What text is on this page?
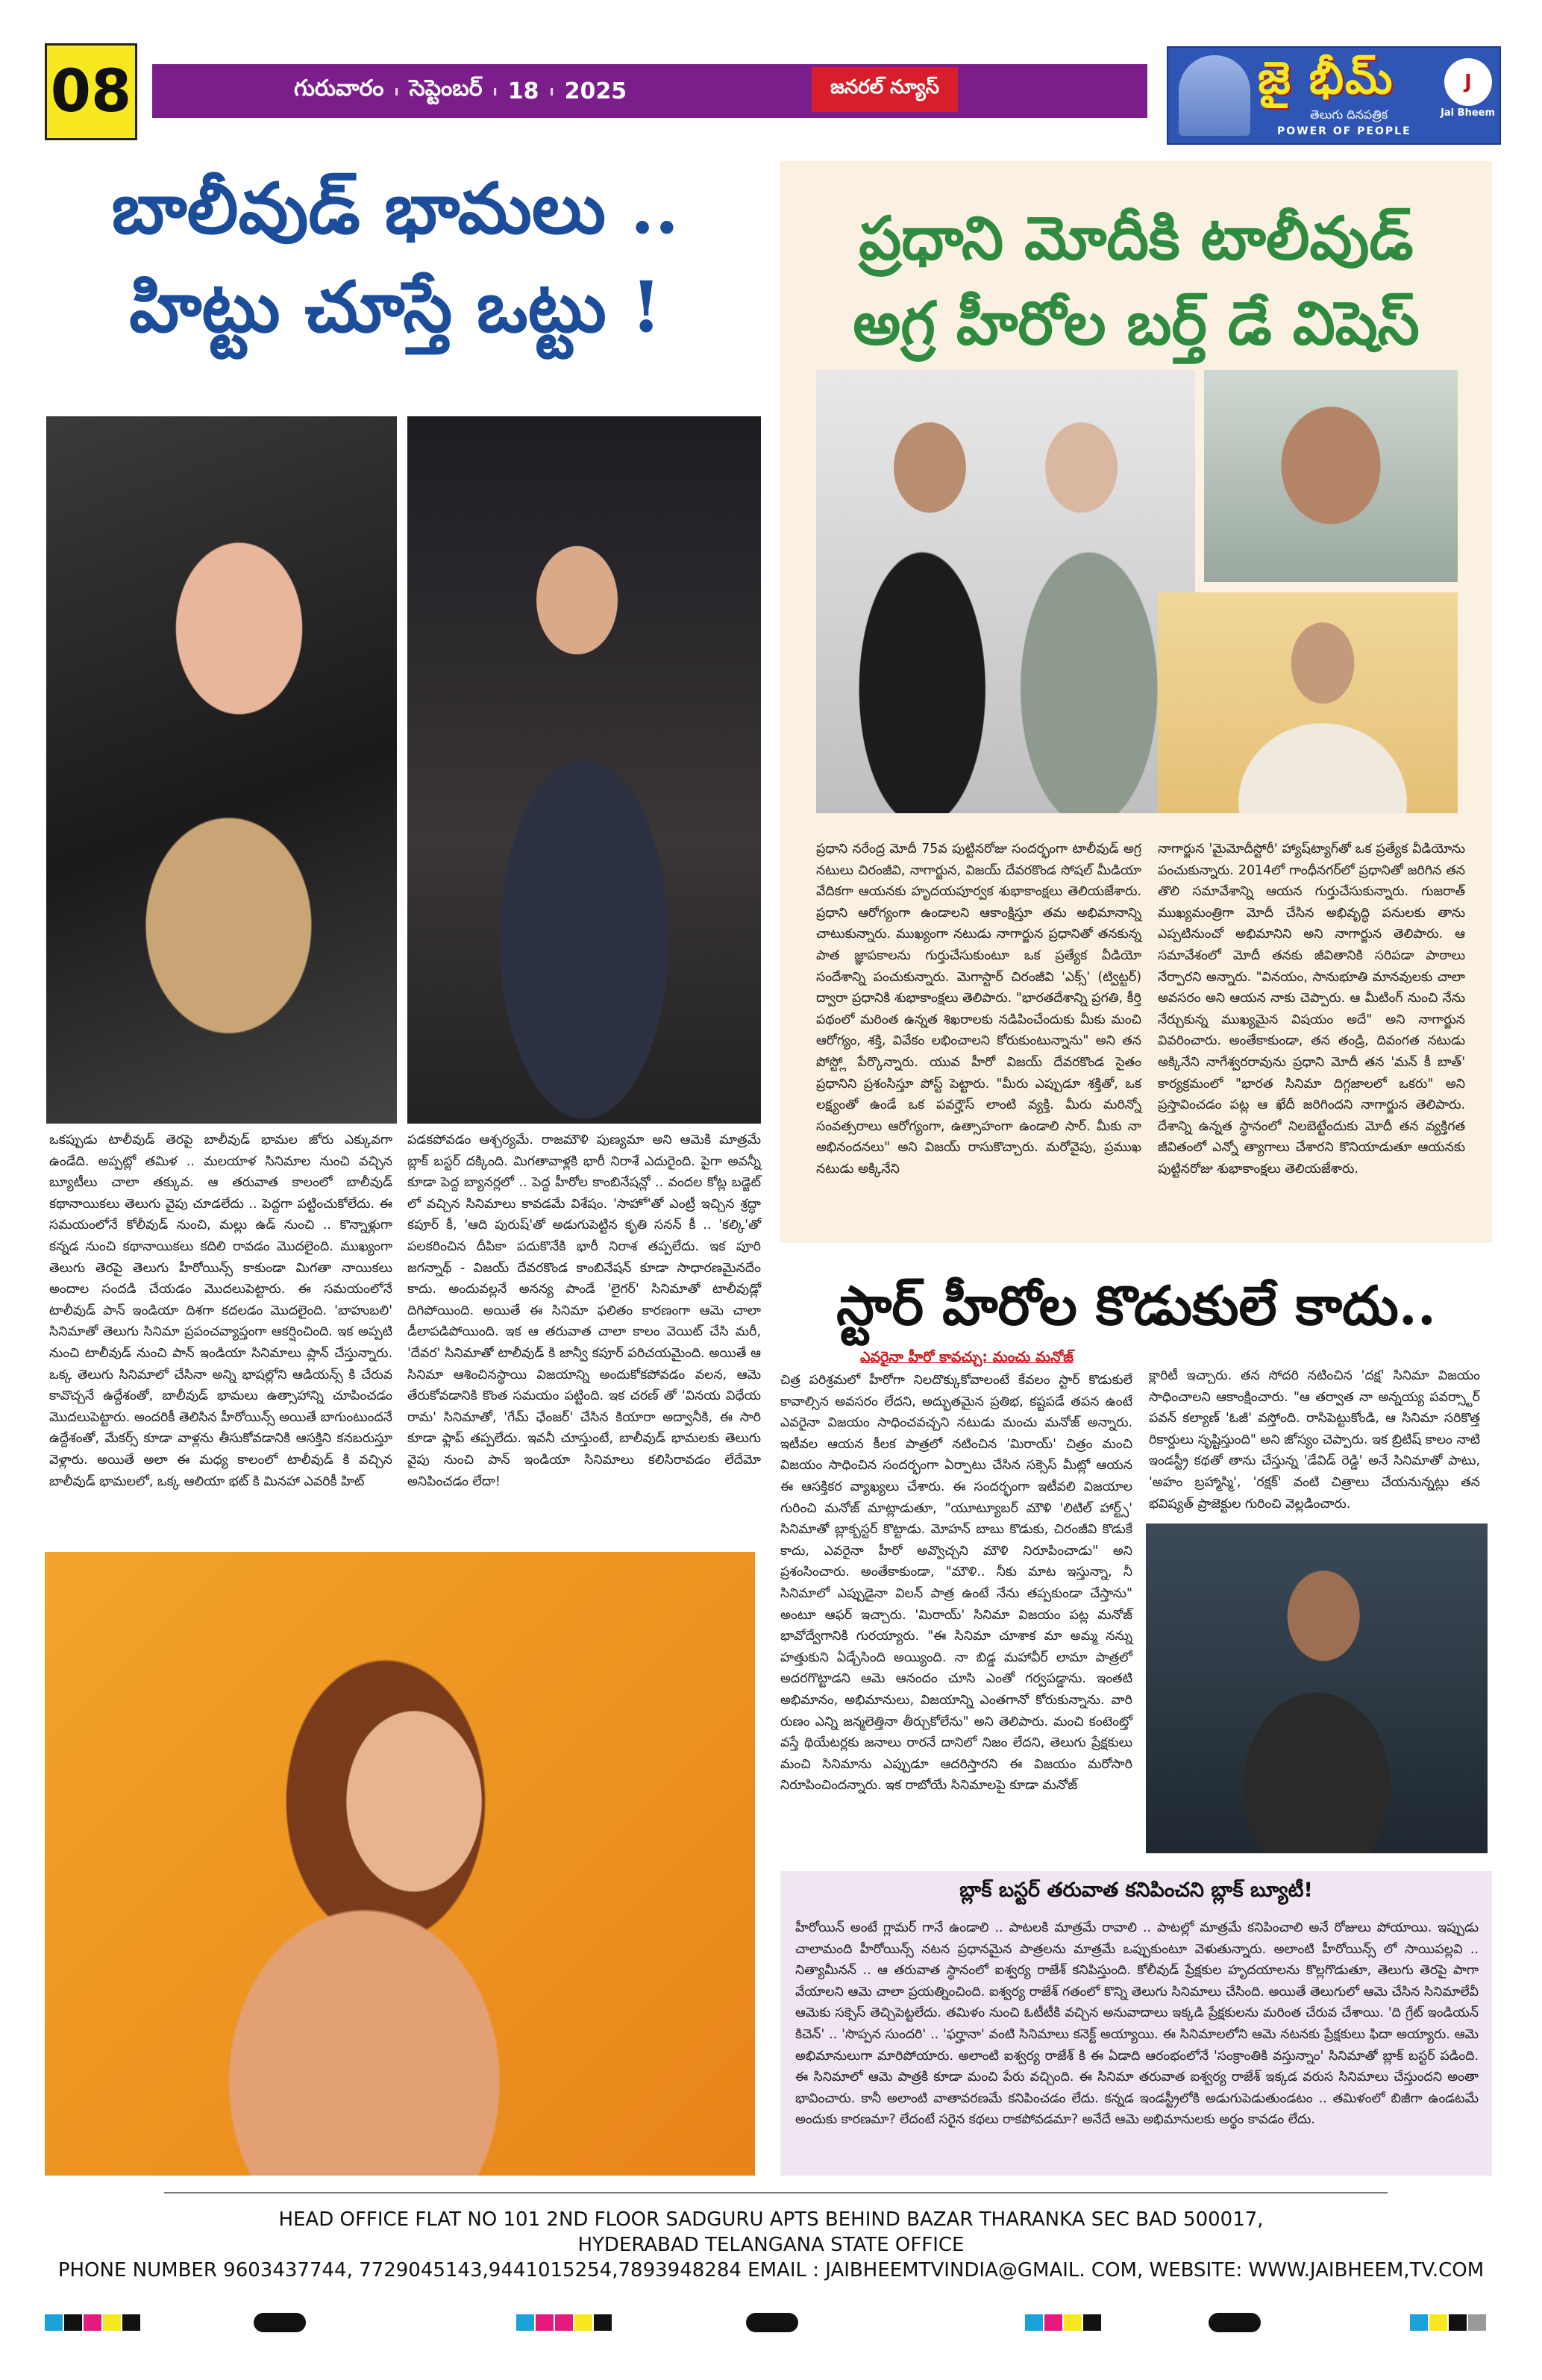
08	గురువారం ı సెప్టెంబర్ ı 18 ı 2025	జనరల్ న్యూస్	జై భీమ్
తెలుగు దినపత్రిక
POWER OF PEOPLE
J
Jai Bheem
బాలీవుడ్ భామలు ..
హిట్టు చూస్తే ఒట్టు !
ఒకప్పుడు టాలీవుడ్ తెరపై బాలీవుడ్ భామల జోరు ఎక్కువగా ఉండేది. అప్పట్లో తమిళ .. మలయాళ సినిమాల నుంచి వచ్చిన బ్యూటీలు చాలా తక్కువ. ఆ తరువాత కాలంలో బాలీవుడ్ కథానాయికలు తెలుగు వైపు చూడలేదు .. పెద్దగా పట్టించుకోలేదు. ఈ సమయంలోనే కోలీవుడ్ నుంచి, మల్లు ఉడ్ నుంచి .. కొన్నాళ్లుగా కన్నడ నుంచి కథానాయికలు కదిలి రావడం మొదలైంది. ముఖ్యంగా తెలుగు తెరపై తెలుగు హీరోయిన్స్ కాకుండా మిగతా నాయికలు అందాల సందడి చేయడం మొదలుపెట్టారు. ఈ సమయంలోనే టాలీవుడ్ పాన్ ఇండియా దిశగా కదలడం మొదలైంది. 'బాహుబలి' సినిమాతో తెలుగు సినిమా ప్రపంచవ్యాప్తంగా ఆకర్షించింది. ఇక అప్పటి నుంచి టాలీవుడ్ నుంచి పాన్ ఇండియా సినిమాలు ప్లాన్ చేస్తున్నారు. ఒక్క తెలుగు సినిమాలో చేసినా అన్ని భాషల్లోని ఆడియన్స్ కి చేరువ కావొచ్చనే ఉద్దేశంతో, బాలీవుడ్ భామలు ఉత్సాహాన్ని చూపించడం మొదలుపెట్టారు. అందరికీ తెలిసిన హీరోయిన్స్ అయితే బాగుంటుందనే ఉద్దేశంతో, మేకర్స్ కూడా వాళ్లను తీసుకోవడానికి ఆసక్తిని కనబరుస్తూ వెళ్లారు. అయితే అలా ఈ మధ్య కాలంలో టాలీవుడ్ కి వచ్చిన బాలీవుడ్ భామలలో, ఒక్క ఆలియా భట్ కి మినహా ఎవరికీ హిట్
పడకపోవడం ఆశ్చర్యమే. రాజమౌళి పుణ్యమా అని ఆమెకి మాత్రమే బ్లాక్ బస్టర్ దక్కింది. మిగతావాళ్లకి భారీ నిరాశే ఎదురైంది. పైగా అవన్నీ కూడా పెద్ద బ్యానర్లలో .. పెద్ద హీరోల కాంబినేషన్లో .. వందల కోట్ల బడ్జెట్ లో వచ్చిన సినిమాలు కావడమే విశేషం. 'సాహో'తో ఎంట్రీ ఇచ్చిన శ్రద్ధా కపూర్ కీ, 'ఆది పురుష్'తో అడుగుపెట్టిన కృతి సనన్ కీ .. 'కల్కి'తో పలకరించిన దీపికా పదుకొనేకి భారీ నిరాశ తప్పలేదు. ఇక పూరి జగన్నాథ్ - విజయ్ దేవరకొండ కాంబినేషన్ కూడా సాధారణమైనదేం కాదు. అందువల్లనే అనన్య పాండే 'లైగర్' సినిమాతో టాలీవుడ్లో దిగిపోయింది. అయితే ఈ సినిమా ఫలితం కారణంగా ఆమె చాలా డీలాపడిపోయింది. ఇక ఆ తరువాత చాలా కాలం వెయిట్ చేసి మరీ, 'దేవర' సినిమాతో టాలీవుడ్ కి జాన్వీ కపూర్ పరిచయమైంది. అయితే ఆ సినిమా ఆశించినస్థాయి విజయాన్ని అందుకోకపోవడం వలన, ఆమె తేరుకోవడానికి కొంత సమయం పట్టింది. ఇక చరణ్ తో 'వినయ విధేయ రామ' సినిమాతో, 'గేమ్ ఛేంజర్' చేసిన కియారా అద్వానీకి, ఈ సారి కూడా ఫ్లాప్ తప్పలేదు. ఇవనీ చూస్తుంటే, బాలీవుడ్ భామలకు తెలుగు వైపు నుంచి పాన్ ఇండియా సినిమాలు కలిసిరావడం లేదేమో అనిపించడం లేదా!
ప్రధాని మోదీకి టాలీవుడ్
అగ్ర హీరోల బర్త్ డే విషెస్
ప్రధాని నరేంద్ర మోదీ 75వ పుట్టినరోజు సందర్భంగా టాలీవుడ్ అగ్ర నటులు చిరంజీవి, నాగార్జున, విజయ్ దేవరకొండ సోషల్ మీడియా వేదికగా ఆయనకు హృదయపూర్వక శుభాకాంక్షలు తెలియజేశారు. ప్రధాని ఆరోగ్యంగా ఉండాలని ఆకాంక్షిస్తూ తమ అభిమానాన్ని చాటుకున్నారు. ముఖ్యంగా నటుడు నాగార్జున ప్రధానితో తనకున్న పాత జ్ఞాపకాలను గుర్తుచేసుకుంటూ ఒక ప్రత్యేక వీడియో సందేశాన్ని పంచుకున్నారు. మెగాస్టార్ చిరంజీవి 'ఎక్స్' (ట్విట్టర్) ద్వారా ప్రధానికి శుభాకాంక్షలు తెలిపారు. "భారతదేశాన్ని ప్రగతి, కీర్తి పథంలో మరింత ఉన్నత శిఖరాలకు నడిపించేందుకు మీకు మంచి ఆరోగ్యం, శక్తి, వివేకం లభించాలని కోరుకుంటున్నాను" అని తన పోస్ట్లో పేర్కొన్నారు. యువ హీరో విజయ్ దేవరకొండ సైతం ప్రధానిని ప్రశంసిస్తూ పోస్ట్ పెట్టారు. "మీరు ఎప్పుడూ శక్తితో, ఒక లక్ష్యంతో ఉండే ఒక పవర్హౌస్ లాంటి వ్యక్తి. మీరు మరిన్నో సంవత్సరాలు ఆరోగ్యంగా, ఉత్సాహంగా ఉండాలి సార్. మీకు నా అభినందనలు" అని విజయ్ రాసుకొచ్చారు. మరోవైపు, ప్రముఖ నటుడు అక్కినేని
నాగార్జున 'మైమోదీస్టోరీ' హ్యాష్‌ట్యాగ్‌తో ఒక ప్రత్యేక వీడియోను పంచుకున్నారు. 2014లో గాంధీనగర్‌లో ప్రధానితో జరిగిన తన తొలి సమావేశాన్ని ఆయన గుర్తుచేసుకున్నారు. గుజరాత్ ముఖ్యమంత్రిగా మోదీ చేసిన అభివృద్ధి పనులకు తాను ఎప్పటినుంచో అభిమానిని అని నాగార్జున తెలిపారు. ఆ సమావేశంలో మోదీ తనకు జీవితానికి సరిపడా పాఠాలు నేర్పారని అన్నారు. "వినయం, సానుభూతి మానవులకు చాలా అవసరం అని ఆయన నాకు చెప్పారు. ఆ మీటింగ్ నుంచి నేను నేర్చుకున్న ముఖ్యమైన విషయం అదే" అని నాగార్జున వివరించారు. అంతేకాకుండా, తన తండ్రి, దివంగత నటుడు అక్కినేని నాగేశ్వరరావును ప్రధాని మోదీ తన 'మన్ కీ బాత్' కార్యక్రమంలో "భారత సినిమా దిగ్గజాలలో ఒకరు" అని ప్రస్తావించడం పట్ల ఆ ఖేదీ జరిగిందని నాగార్జున తెలిపారు. దేశాన్ని ఉన్నత స్థానంలో నిలబెట్టేందుకు మోదీ తన వ్యక్తిగత జీవితంలో ఎన్నో త్యాగాలు చేశారని కొనియాడుతూ ఆయనకు పుట్టినరోజు శుభాకాంక్షలు తెలియజేశారు.
స్టార్ హీరోల కొడుకులే కాదు..
ఎవరైనా హీరో కావచ్చు: మంచు మనోజ్
చిత్ర పరిశ్రమలో హీరోగా నిలదొక్కుకోవాలంటే కేవలం స్టార్ కొడుకులే కావాల్సిన అవసరం లేదని, అద్భుతమైన ప్రతిభ, కష్టపడే తపన ఉంటే ఎవరైనా విజయం సాధించవచ్చని నటుడు మంచు మనోజ్ అన్నారు. ఇటీవల ఆయన కీలక పాత్రలో నటించిన 'మిరాయ్' చిత్రం మంచి విజయం సాధించిన సందర్భంగా ఏర్పాటు చేసిన సక్సెస్ మీట్లో ఆయన ఈ ఆసక్తికర వ్యాఖ్యలు చేశారు. ఈ సందర్భంగా ఇటీవలి విజయాల గురించి మనోజ్ మాట్లాడుతూ, "యూట్యూబర్ మౌళి 'లిటిల్ హార్ట్స్' సినిమాతో బ్లాక్బస్టర్ కొట్టాడు. మోహన్ బాబు కొడుకు, చిరంజీవి కొడుకే కాదు, ఎవరైనా హీరో అవ్వొచ్చని మౌళి నిరూపించాడు" అని ప్రశంసించారు. అంతేకాకుండా, "మౌళి.. నీకు మాట ఇస్తున్నా, నీ సినిమాలో ఎప్పుడైనా విలన్ పాత్ర ఉంటే నేను తప్పకుండా చేస్తాను" అంటూ ఆఫర్ ఇచ్చారు. 'మిరాయ్' సినిమా విజయం పట్ల మనోజ్ భావోద్వేగానికి గురయ్యారు. "ఈ సినిమా చూశాక మా అమ్మ నన్ను హత్తుకుని ఏడ్చేసింది అయ్యింది. నా బిడ్డ మహావీర్ లామా పాత్రలో అదరగొట్టాడని ఆమె ఆనందం చూసి ఎంతో గర్వపడ్డాను. ఇంతటి అభిమానం, అభిమానులు, విజయాన్ని ఎంతగానో కోరుకున్నాను. వారి రుణం ఎన్ని జన్మలెత్తినా తీర్చుకోలేను" అని తెలిపారు. మంచి కంటెంట్తో వస్తే థియేటర్లకు జనాలు రారనే దానిలో నిజం లేదని, తెలుగు ప్రేక్షకులు మంచి సినిమాను ఎప్పుడూ ఆదరిస్తారని ఈ విజయం మరోసారి నిరూపించిందన్నారు. ఇక రాబోయే సినిమాలపై కూడా మనోజ్
క్లారిటీ ఇచ్చారు. తన సోదరి నటించిన 'దక్ష' సినిమా విజయం సాధించాలని ఆకాంక్షించారు. "ఆ తర్వాత నా అన్నయ్య పవర్స్టార్ పవన్ కల్యాణ్ 'ఓజీ' వస్తోంది. రాసిపెట్టుకోండి, ఆ సినిమా సరికొత్త రికార్డులు సృష్టిస్తుంది" అని జోస్యం చెప్పారు. ఇక బ్రిటిష్ కాలం నాటి ఇండస్ట్రీ కథతో తాను చేస్తున్న 'డేవిడ్ రెడ్డి' అనే సినిమాతో పాటు, 'అహం బ్రహ్మాస్మి', 'రక్షక్' వంటి చిత్రాలు చేయనున్నట్లు తన భవిష్యత్ ప్రాజెక్టుల గురించి వెల్లడించారు.
బ్లాక్ బస్టర్ తరువాత కనిపించని బ్లాక్ బ్యూటీ!
హీరోయిన్ అంటే గ్లామర్ గానే ఉండాలి .. పాటలకి మాత్రమే రావాలి .. పాటల్లో మాత్రమే కనిపించాలి అనే రోజులు పోయాయి. ఇప్పుడు చాలామంది హీరోయిన్స్ నటన ప్రధానమైన పాత్రలను మాత్రమే ఒప్పుకుంటూ వెళుతున్నారు. అలాంటి హీరోయిన్స్ లో సాయిపల్లవి .. నిత్యామీనన్ .. ఆ తరువాత స్థానంలో ఐశ్వర్య రాజేశ్ కనిపిస్తుంది. కోలీవుడ్ ప్రేక్షకుల హృదయాలను కొల్లగొడుతూ, తెలుగు తెరపై పాగా వేయాలని ఆమె చాలా ప్రయత్నించింది. ఐశ్వర్య రాజేశ్ గతంలో కొన్ని తెలుగు సినిమాలు చేసింది. అయితే తెలుగులో ఆమె చేసిన సినిమాలేవీ ఆమెకు సక్సెస్ తెచ్చిపెట్టలేదు. తమిళం నుంచి ఓటీటీకి వచ్చిన అనువాదాలు ఇక్కడి ప్రేక్షకులను మరింత చేరువ చేశాయి. 'ది గ్రేట్ ఇండియన్ కిచెన్' .. 'సొప్పన సుందరి' .. 'ఫర్హానా' వంటి సినిమాలు కనెక్ట్ అయ్యాయి. ఈ సినిమాలలోని ఆమె నటనకు ప్రేక్షకులు ఫిదా అయ్యారు. ఆమె అభిమానులుగా మారిపోయారు. అలాంటి ఐశ్వర్య రాజేశ్ కి ఈ ఏడాది ఆరంభంలోనే 'సంక్రాంతికి వస్తున్నాం' సినిమాతో బ్లాక్ బస్టర్ పడింది. ఈ సినిమాలో ఆమె పాత్రకి కూడా మంచి పేరు వచ్చింది. ఈ సినిమా తరువాత ఐశ్వర్య రాజేశ్ ఇక్కడ వరుస సినిమాలు చేస్తుందని అంతా భావించారు. కానీ అలాంటి వాతావరణమే కనిపించడం లేదు. కన్నడ ఇండస్ట్రీలోకి అడుగుపెడుతుండటం .. తమిళంలో బిజీగా ఉండటమే అందుకు కారణమా? లేదంటే సరైన కథలు రాకపోవడమా? అనేదే ఆమె అభిమానులకు అర్థం కావడం లేదు.
HEAD OFFICE FLAT NO 101 2ND FLOOR SADGURU APTS BEHIND BAZAR THARANKA SEC BAD 500017,
HYDERABAD TELANGANA STATE OFFICE
PHONE NUMBER 9603437744, 7729045143,9441015254,7893948284 EMAIL : JAIBHEEMTVINDIA@GMAIL. COM, WEBSITE: WWW.JAIBHEEM,TV.COM
